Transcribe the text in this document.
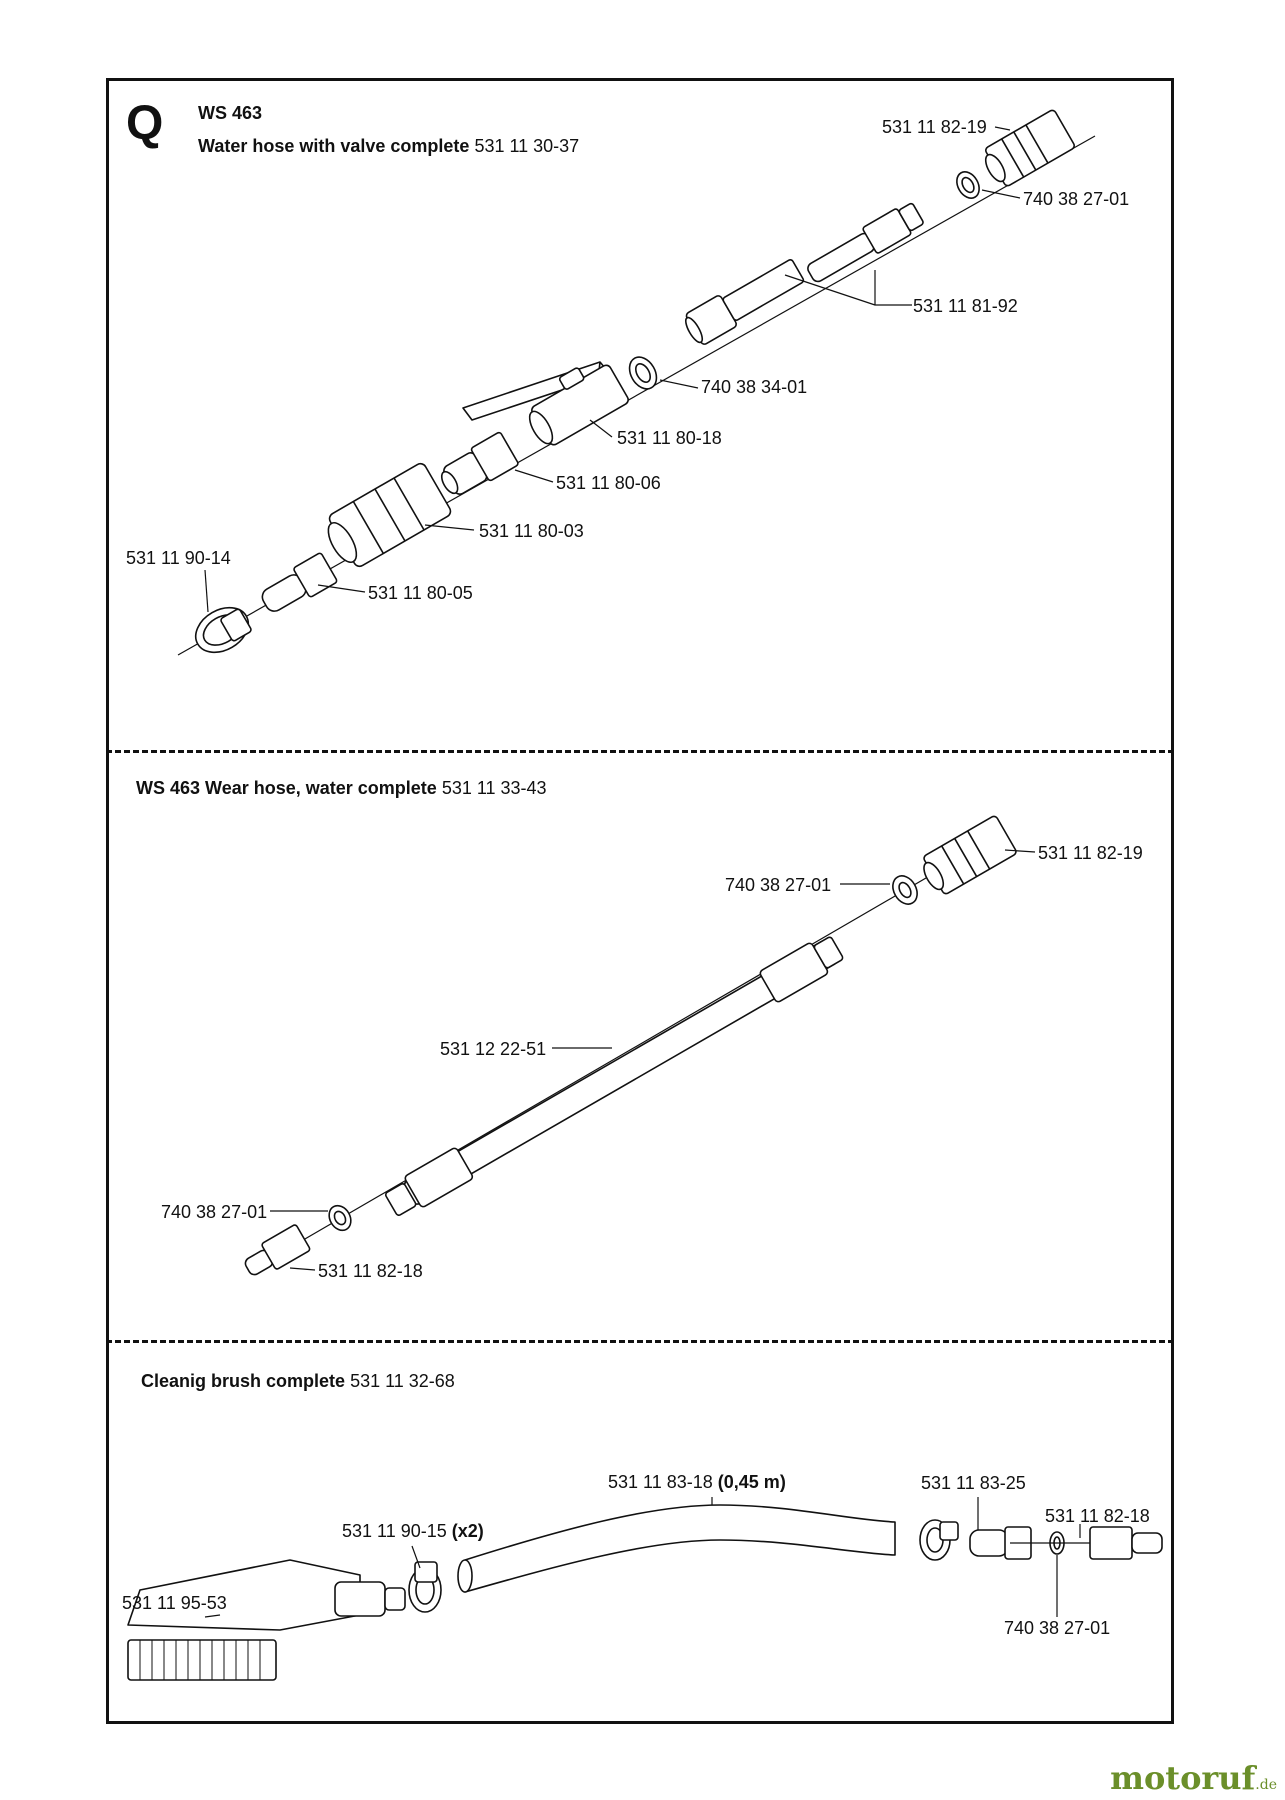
Q WS 463
Water hose with valve complete 531 11 30-37
531 11 82-19
740 38 27-01
531 11 81-92
740 38 34-01
531 11 80-18
531 11 80-06
531 11 80-03
531 11 90-14
531 11 80-05
WS 463 Wear hose, water complete 531 11 33-43
531 11 82-19
740 38 27-01
531 12 22-51
740 38 27-01
531 11 82-18
Cleanig brush complete 531 11 32-68
531 11 83-18 (0,45 m)	531 11 83-25
531 11 82-18
531 11 90-15 (x2)
531 11 95-53
740 38 27-01
motoruf.de
